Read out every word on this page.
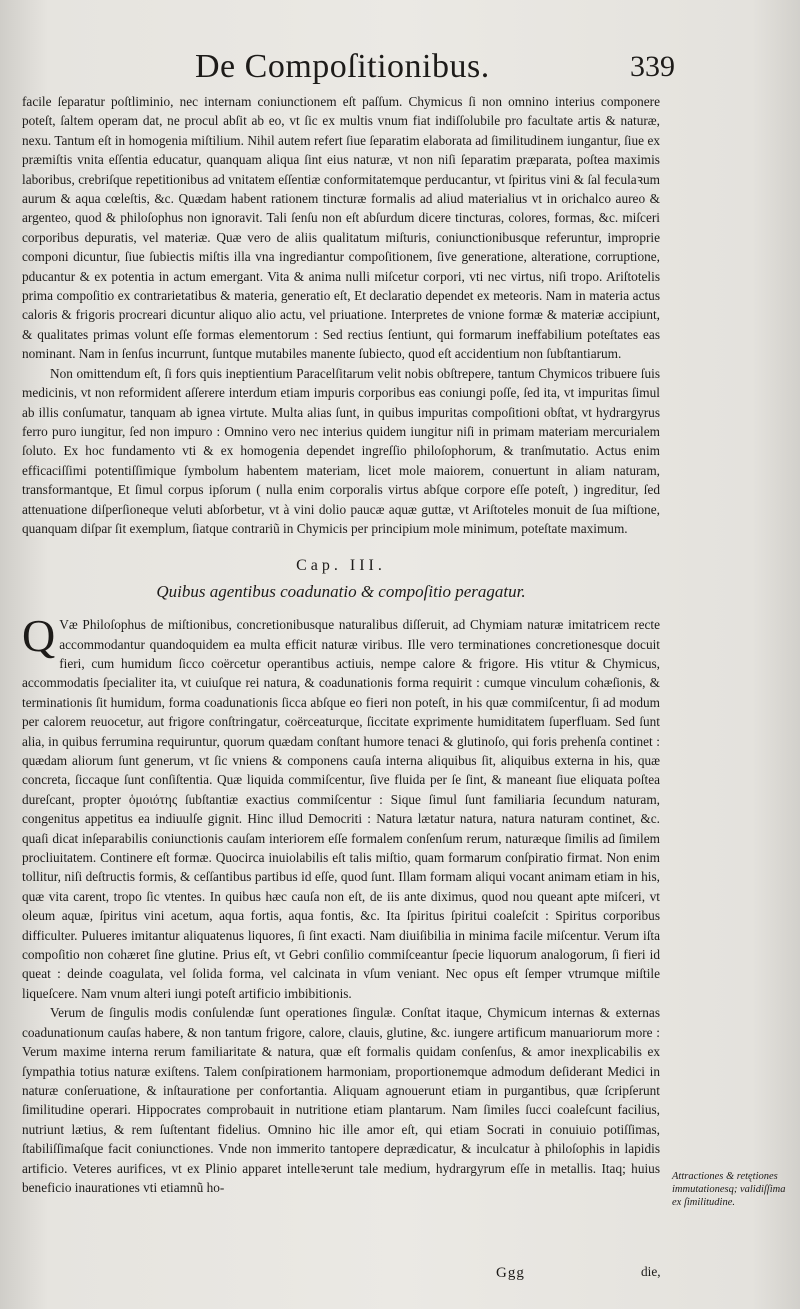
De Compoſitionibus.	339

facile ſeparatur poſtliminio, nec internam coniunctionem eſt paſſum. Chymicus ſi non omnino interius componere poteſt, ſaltem operam dat, ne procul abſit ab eo, vt ſic ex multis vnum fiat indiſſolubile pro facultate artis & naturæ, nexu. Tantum eſt in homogenia miſtilium. Nihil autem refert ſiue ſeparatim elaborata ad ſimilitudinem iungantur, ſiue ex præmiſtis vnita eſſentia educatur, quanquam aliqua ſint eius naturæ, vt non niſi ſeparatim præparata, poſtea maximis laboribus, crebriſque repetitionibus ad vnitatem eſſentiæ conformitatemque perducantur, vt ſpiritus vini & ſal feculaꝛum aurum & aqua cœleſtis, &c. Quædam habent rationem tincturæ formalis ad aliud materialius vt in orichalco aureo & argenteo, quod & philoſophus non ignoravit. Tali ſenſu non eſt abſurdum dicere tincturas, colores, formas, &c. miſceri corporibus depuratis, vel materiæ. Quæ vero de aliis qualitatum miſturis, coniunctionibusque referuntur, improprie componi dicuntur, ſiue ſubiectis miſtis illa vna ingrediantur compoſitionem, ſive generatione, alteratione, corruptione, pducantur & ex potentia in actum emergant. Vita & anima nulli miſcetur corpori, vti nec virtus, niſi tropo. Ariſtotelis prima compoſitio ex contrarietatibus & materia, generatio eſt, Et declaratio dependet ex meteoris. Nam in materia actus caloris & frigoris procreari dicuntur aliquo alio actu, vel priuatione. Interpretes de vnione formæ & materiæ accipiunt, & qualitates primas volunt eſſe formas elementorum : Sed rectius ſentiunt, qui formarum ineffabilium poteſtates eas nominant. Nam in ſenſus incurrunt, ſuntque mutabiles manente ſubiecto, quod eſt accidentium non ſubſtantiarum.

Non omittendum eſt, ſi fors quis ineptientium Paracelſitarum velit nobis obſtrepere, tantum Chymicos tribuere ſuis medicinis, vt non reformident aſſerere interdum etiam impuris corporibus eas coniungi poſſe, ſed ita, vt impuritas ſimul ab illis conſumatur, tanquam ab ignea virtute. Multa alias ſunt, in quibus impuritas compoſitioni obſtat, vt hydrargyrus ferro puro iungitur, ſed non impuro : Omnino vero nec interius quidem iungitur niſi in primam materiam mercurialem ſoluto. Ex hoc fundamento vti & ex homogenia dependet ingreſſio philoſophorum, & tranſmutatio. Actus enim efficaciſſimi potentiſſimique ſymbolum habentem materiam, licet mole maiorem, conuertunt in aliam naturam, transformantque, Et ſimul corpus ipſorum ( nulla enim corporalis virtus abſque corpore eſſe poteſt, ) ingreditur, ſed attenuatione diſperſioneque veluti abſorbetur, vt à vini dolio paucæ aquæ guttæ, vt Ariſtoteles monuit de ſua miſtione, quanquam diſpar ſit exemplum, ſiatque contrariũ in Chymicis per principium mole minimum, poteſtate maximum.

Cap. III.
Quibus agentibus coadunatio & compoſitio peragatur.

Q Væ Philoſophus de miſtionibus, concretionibusque naturalibus diſſeruit, ad Chymiam naturæ imitatricem recte accommodantur quandoquidem ea multa efficit naturæ viribus. Ille vero terminationes concretionesque docuit fieri, cum humidum ſicco coërcetur operantibus actiuis, nempe calore & frigore. His vtitur & Chymicus, accommodatis ſpecialiter ita, vt cuiuſque rei natura, & coadunationis forma requirit : cumque vinculum cohæſionis, & terminationis ſit humidum, forma coadunationis ſicca abſque eo fieri non poteſt, in his quæ commiſcentur, ſi ad modum per calorem reuocetur, aut frigore conſtringatur, coërceaturque, ſiccitate exprimente humiditatem ſuperfluam. Sed ſunt alia, in quibus ferrumina requiruntur, quorum quædam conſtant humore tenaci & glutinoſo, qui foris prehenſa continet : quædam aliorum ſunt generum, vt ſic vniens & componens cauſa interna aliquibus ſit, aliquibus externa in his, quæ concreta, ſiccaque ſunt conſiſtentia. Quæ liquida commiſcentur, ſive fluida per ſe ſint, & maneant ſiue eliquata poſtea dureſcant, propter ὁμοιότης ſubſtantiæ exactius commiſcentur : Sique ſimul ſunt familiaria ſecundum naturam, congenitus appetitus ea indiuulſe gignit. Hinc illud Democriti : Natura lætatur natura, natura naturam continet, &c. quaſi dicat inſeparabilis coniunctionis cauſam interiorem eſſe formalem conſenſum rerum, naturæque ſimilis ad ſimilem procliuitatem. Continere eſt formæ. Quocirca inuiolabilis eſt talis miſtio, quam formarum conſpiratio firmat. Non enim tollitur, niſi deſtructis formis, & ceſſantibus partibus id eſſe, quod ſunt. Illam formam aliqui vocant animam etiam in his, quæ vita carent, tropo ſic vtentes. In quibus hæc cauſa non eſt, de iis ante diximus, quod nou queant apte miſceri, vt oleum aquæ, ſpiritus vini acetum, aqua fortis, aqua fontis, &c. Ita ſpiritus ſpiritui coaleſcit : Spiritus corporibus difficulter. Pulueres imitantur aliquatenus liquores, ſi ſint exacti. Nam diuiſibilia in minima facile miſcentur. Verum iſta compoſitio non cohæret ſine glutine. Prius eſt, vt Gebri conſilio commiſceantur ſpecie liquorum analogorum, ſi fieri id queat : deinde coagulata, vel ſolida forma, vel calcinata in vſum veniant. Nec opus eſt ſemper vtrumque miſtile liqueſcere. Nam vnum alteri iungi poteſt artificio imbibitionis.

Verum de ſingulis modis conſulendæ ſunt operationes ſingulæ. Conſtat itaque, Chymicum internas & externas coadunationum cauſas habere, & non tantum frigore, calore, clauis, glutine, &c. iungere artificum manuariorum more : Verum maxime interna rerum familiaritate & natura, quæ eſt formalis quidam conſenſus, & amor inexplicabilis ex ſympathia totius naturæ exiſtens. Talem conſpirationem harmoniam, proportionemque admodum deſiderant Medici in naturæ conſeruatione, & inſtauratione per confortantia. Aliquam agnouerunt etiam in purgantibus, quæ ſcripſerunt ſimilitudine operari. Hippocrates comprobauit in nutritione etiam plantarum. Nam ſimiles ſucci coaleſcunt facilius, nutriunt lætius, & rem ſuſtentant fidelius. Omnino hic ille amor eſt, qui etiam Socrati in conuiuio potiſſimas, ſtabiliſſimaſque facit coniunctiones. Vnde non immerito tantopere deprædicatur, & inculcatur à philoſophis in lapidis artificio. Veteres aurifices, vt ex Plinio apparet intelleꝛerunt tale medium, hydrargyrum eſſe in metallis. Itaq; huius beneficio inaurationes vti etiamnũ ho-

Attractiones & retętiones immutationesq; validiſſima ex ſimilitudine.
Ggg	die,
